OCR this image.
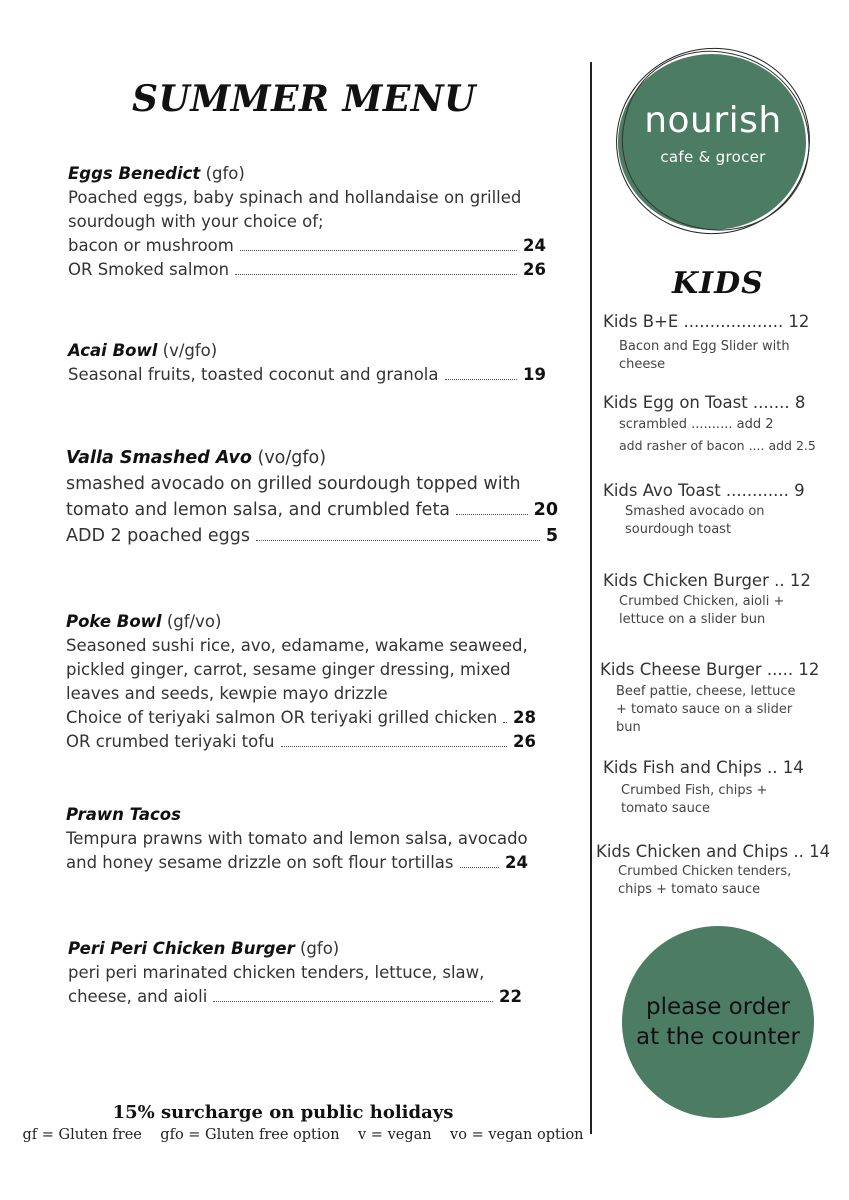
SUMMER MENU
Eggs Benedict (gfo)
Poached eggs, baby spinach and hollandaise on grilled
sourdough with your choice of;
bacon or mushroom	24
OR Smoked salmon	26
Acai Bowl (v/gfo)
Seasonal fruits, toasted coconut and granola	19
Valla Smashed Avo (vo/gfo)
smashed avocado on grilled sourdough topped with
tomato and lemon salsa, and crumbled feta	20
ADD 2 poached eggs	5
Poke Bowl (gf/vo)
Seasoned sushi rice, avo, edamame, wakame seaweed,
pickled ginger, carrot, sesame ginger dressing, mixed
leaves and seeds, kewpie mayo drizzle
Choice of teriyaki salmon OR teriyaki grilled chicken 28
OR crumbed teriyaki tofu	26
Prawn Tacos
Tempura prawns with tomato and lemon salsa, avocado
and honey sesame drizzle on soft flour tortillas	24
Peri Peri Chicken Burger (gfo)
peri peri marinated chicken tenders, lettuce, slaw,
cheese, and aioli	22
nourish
cafe & grocer
KIDS
Kids B+E ................... 12
Bacon and Egg Slider with
cheese
Kids Egg on Toast ....... 8
scrambled .......... add 2
add rasher of bacon .... add 2.5
Kids Avo Toast ............ 9
Smashed avocado on
sourdough toast
Kids Chicken Burger .. 12
Crumbed Chicken, aioli +
lettuce on a slider bun
Kids Cheese Burger ..... 12
Beef pattie, cheese, lettuce
+ tomato sauce on a slider
bun
Kids Fish and Chips .. 14
Crumbed Fish, chips +
tomato sauce
Kids Chicken and Chips .. 14
Crumbed Chicken tenders,
chips + tomato sauce
please order at the counter
15% surcharge on public holidays
gf = Gluten free    gfo = Gluten free option    v = vegan    vo = vegan option
